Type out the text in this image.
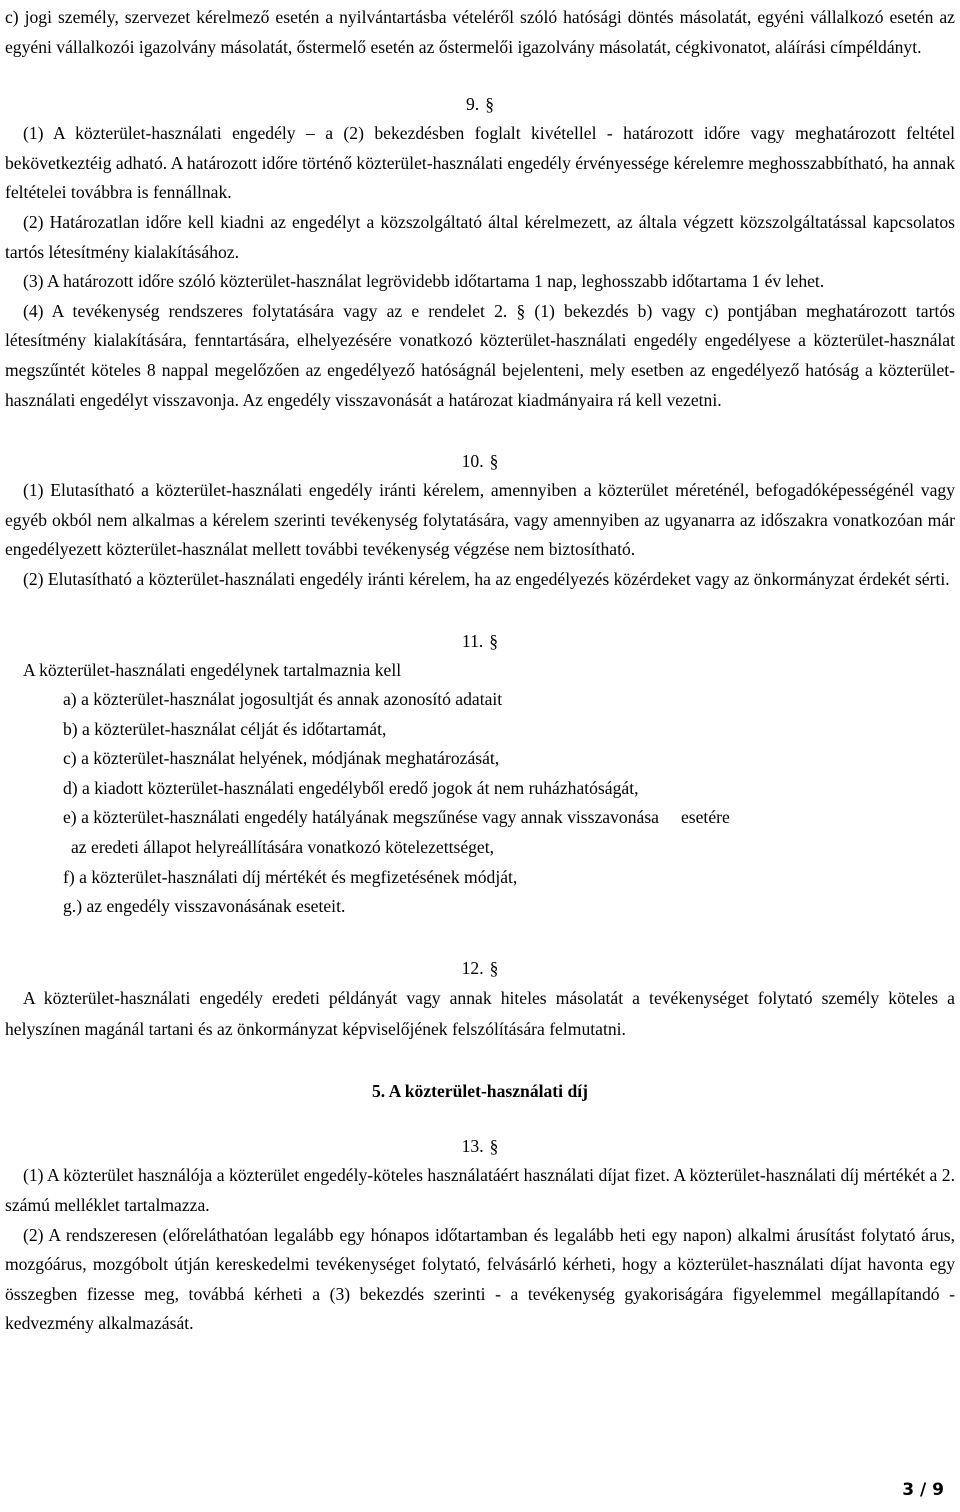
c) jogi személy, szervezet kérelmező esetén a nyilvántartásba vételéről szóló hatósági döntés másolatát, egyéni vállalkozó esetén az egyéni vállalkozói igazolvány másolatát, őstermelő esetén az őstermelői igazolvány másolatát, cégkivonatot, aláírási címpéldányt.

9. §

(1) A közterület-használati engedély – a (2) bekezdésben foglalt kivétellel - határozott időre vagy meghatározott feltétel bekövetkeztéig adható. A határozott időre történő közterület-használati engedély érvényessége kérelemre meghosszabbítható, ha annak feltételei továbbra is fennállnak.

(2) Határozatlan időre kell kiadni az engedélyt a közszolgáltató által kérelmezett, az általa végzett közszolgáltatással kapcsolatos tartós létesítmény kialakításához.

(3) A határozott időre szóló közterület-használat legrövidebb időtartama 1 nap, leghosszabb időtartama 1 év lehet.

(4) A tevékenység rendszeres folytatására vagy az e rendelet 2. § (1) bekezdés b) vagy c) pontjában meghatározott tartós létesítmény kialakítására, fenntartására, elhelyezésére vonatkozó közterület-használati engedély engedélyese a közterület-használat megszűntét köteles 8 nappal megelőzően az engedélyező hatóságnál bejelenteni, mely esetben az engedélyező hatóság a közterület-használati engedélyt visszavonja. Az engedély visszavonását a határozat kiadmányaira rá kell vezetni.

10. §

(1) Elutasítható a közterület-használati engedély iránti kérelem, amennyiben a közterület méreténél, befogadóképességénél vagy egyéb okból nem alkalmas a kérelem szerinti tevékenység folytatására, vagy amennyiben az ugyanarra az időszakra vonatkozóan már engedélyezett közterület-használat mellett további tevékenység végzése nem biztosítható.

(2) Elutasítható a közterület-használati engedély iránti kérelem, ha az engedélyezés közérdeket vagy az önkormányzat érdekét sérti.

11. §

A közterület-használati engedélynek tartalmaznia kell

a) a közterület-használat jogosultját és annak azonosító adatait

b) a közterület-használat célját és időtartamát,

c) a közterület-használat helyének, módjának meghatározását,

d) a kiadott közterület-használati engedélyből eredő jogok át nem ruházhatóságát,

e) a közterület-használati engedély hatályának megszűnése vagy annak visszavonása     esetére

az eredeti állapot helyreállítására vonatkozó kötelezettséget,

f) a közterület-használati díj mértékét és megfizetésének módját,

g.) az engedély visszavonásának eseteit.

12. §

A közterület-használati engedély eredeti példányát vagy annak hiteles másolatát a tevékenységet folytató személy köteles a helyszínen magánál tartani és az önkormányzat képviselőjének felszólítására felmutatni.

5. A közterület-használati díj

13. §

(1) A közterület használója a közterület engedély-köteles használatáért használati díjat fizet. A közterület-használati díj mértékét a 2. számú melléklet tartalmazza.

(2) A rendszeresen (előreláthatóan legalább egy hónapos időtartamban és legalább heti egy napon) alkalmi árusítást folytató árus, mozgóárus, mozgóbolt útján kereskedelmi tevékenységet folytató, felvásárló kérheti, hogy a közterület-használati díjat havonta egy összegben fizesse meg, továbbá kérheti a (3) bekezdés szerinti - a tevékenység gyakoriságára figyelemmel megállapítandó - kedvezmény alkalmazását.

3 / 9
